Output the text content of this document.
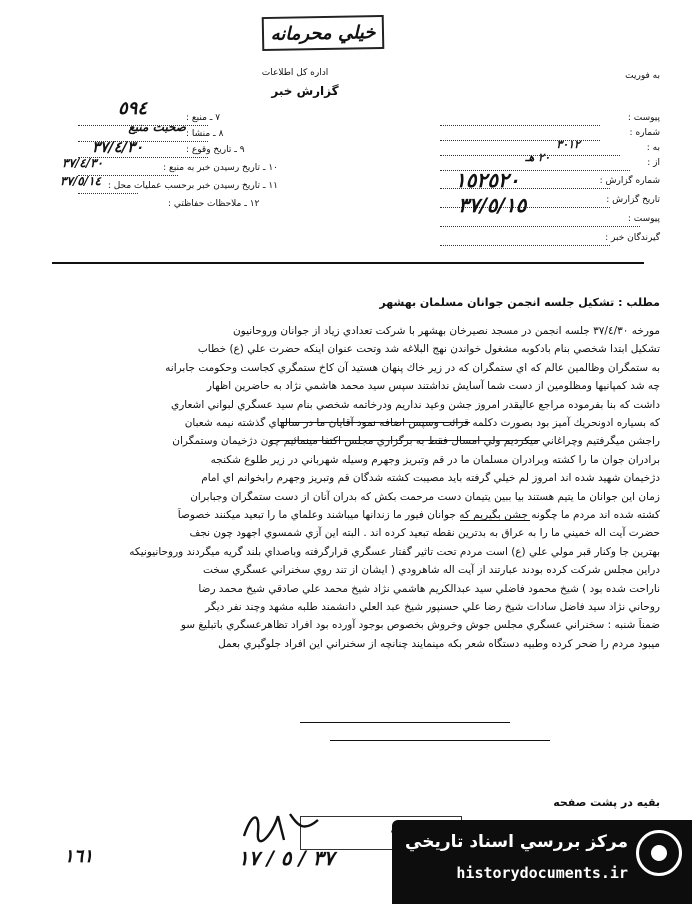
خيلي محرمانه
به فوريت
اداره كل اطلاعات
گزارش خبر
پيوست :
شماره :
به :
از :
شماره گزارش :
تاريخ گزارش :
پيوست :
گيرندگان خبر :
٣٠١٢
٢٠ هـ
١٥٢٥٢٠
٣٧/٥/١٥
٧ ـ منبع :
٨ ـ منشا :
٩ ـ تاريخ وقوع :
١٠ ـ تاريخ رسيدن خبر به منبع :
١١ ـ تاريخ رسيدن خبر برحسب عمليات محل :
١٢ ـ ملاحظات حفاظتي :
٥٩٤
صحبت منبع
٣٧/٤/٣٠
٣٧/٤/٣٠
٣٧/٥/١٤
مطلب : تشكيل جلسه انجمن جوانان مسلمان بهشهر
مورخه ٣٧/٤/٣٠ جلسه انجمن در مسجد نصيرخان بهشهر با شركت تعدادي زياد از جوانان وروحانيون
تشكيل ابتدا شخصي بنام بادكوبه مشغول خواندن نهج البلاغه شد وتحت عنوان اينكه حضرت علي (ع) خطاب
به ستمگران وظالمين عالم كه اي ستمگران كه در زير خاك پنهان هستيد آن كاخ ستمگري كجاست وحكومت جابرانه
چه شد كمپانيها ومظلومين از دست شما آسايش نداشتند سپس سيد محمد هاشمي نژاد به حاضرين اظهار
داشت كه بنا بفرموده مراجع عاليقدر امروز جشن وعيد نداريم ودرخاتمه شخصي بنام سيد عسگري لبواني اشعاري
كه بسياره ادونحريك آميز بود بصورت دكلمه قرائت وسپس اضافه نمود آقايان ما در سالهاي گذشته نيمه شعبان
راجشن ميگرفتيم وچراغاني ميكرديم ولي امسال فقط به برگزاري مجلس اكتفا مينمائيم چون دژخيمان وستمگران
برادران جوان ما را كشته وبرادران مسلمان ما در قم وتبريز وجهرم وسيله شهرباني در زير طلوع شكنجه
دژخيمان شهيد شده اند امروز لم خيلي گرفته بايد مصيبت كشته شدگان قم وتبريز وجهرم رابخوانم اي امام
زمان اين جوانان ما يتيم هستند بيا ببين يتيمان دست مرحمت بكش كه بدران آنان از دست ستمگران وجبابران
كشته شده اند مردم ما چگونه جشن بگيريم كه جوانان فيور ما زندانها ميباشند وعلماي ما را تبعيد ميكنند خصوصاً
حضرت آيت اله خميني ما را به عراق به بدترين نقطه تبعيد كرده اند . البته اين آزي شمسوي اجهود چون نجف
بهترين جا وكنار قبر مولي علي (ع) است مردم تحت تاثير گفتار عسگري قرارگرفته وباصداي بلند گريه ميگردند وروحانيونيكه
دراين مجلس شركت كرده بودند عبارتند از آيت اله شاهرودي ( ايشان از تند روي سخنراني عسگري سخت
ناراحت شده بود ) شيخ محمود فاضلي سيد عبدالكريم هاشمي نژاد شيخ محمد علي صادقي شيخ محمد رضا
روحاني نژاد سيد فاضل سادات شيخ رضا علي حسنپور شيخ عبد العلي دانشمند طلبه مشهد وچند نفر ديگر
ضمناً شنبه : سخنراني عسگري مجلس جوش وخروش بخصوص بوجود آورده بود افراد تظاهرعسگري باتبليغ سو
ميبود مردم را ضحر كرده وطبيه دستگاه شعر بكه مينمايند چنانچه از سخنراني اين افراد جلوگيري بعمل
بقيه در پشت صفحه
٣٧ / ٥ / ١٧
١٦١
مركز بررسي اسناد تاريخي
historydocuments.ir
